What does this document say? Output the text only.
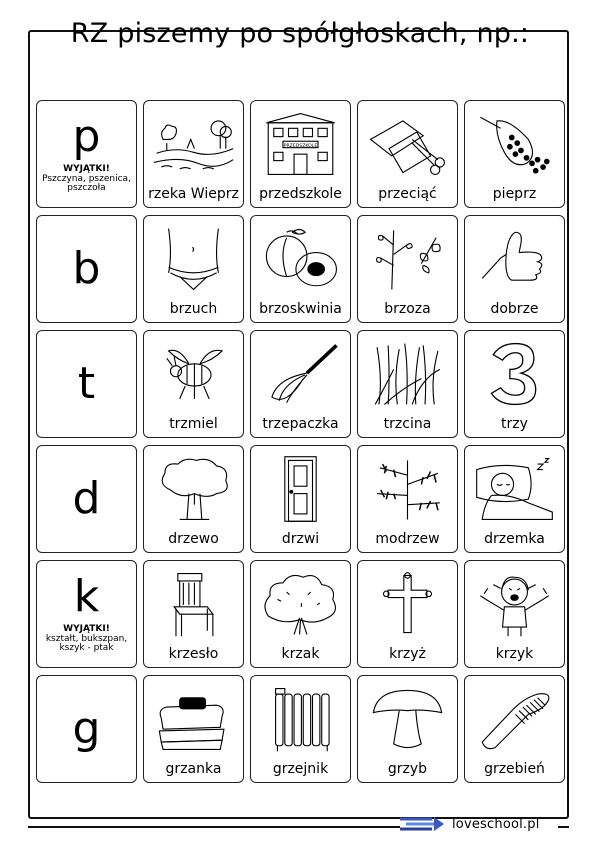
RZ piszemy po spółgłoskach, np.:
p
WYJĄTKI!
Pszczyna, pszenica, pszczoła	rzeka Wieprz
PRZEDSZKOLE
przedszkole	przeciąć	pieprz
b
brzuch	brzoskwinia	brzoza	dobrze
t
trzmiel	trzepaczka	trzcina	trzy
d
drzewo	drzwi	modrzew	drzemka
k
WYJĄTKI!
kształt, bukszpan, kszyk - ptak	krzesło	krzak	krzyż	krzyk
g
grzanka	grzejnik	grzyb	grzebień
loveschool.pl
